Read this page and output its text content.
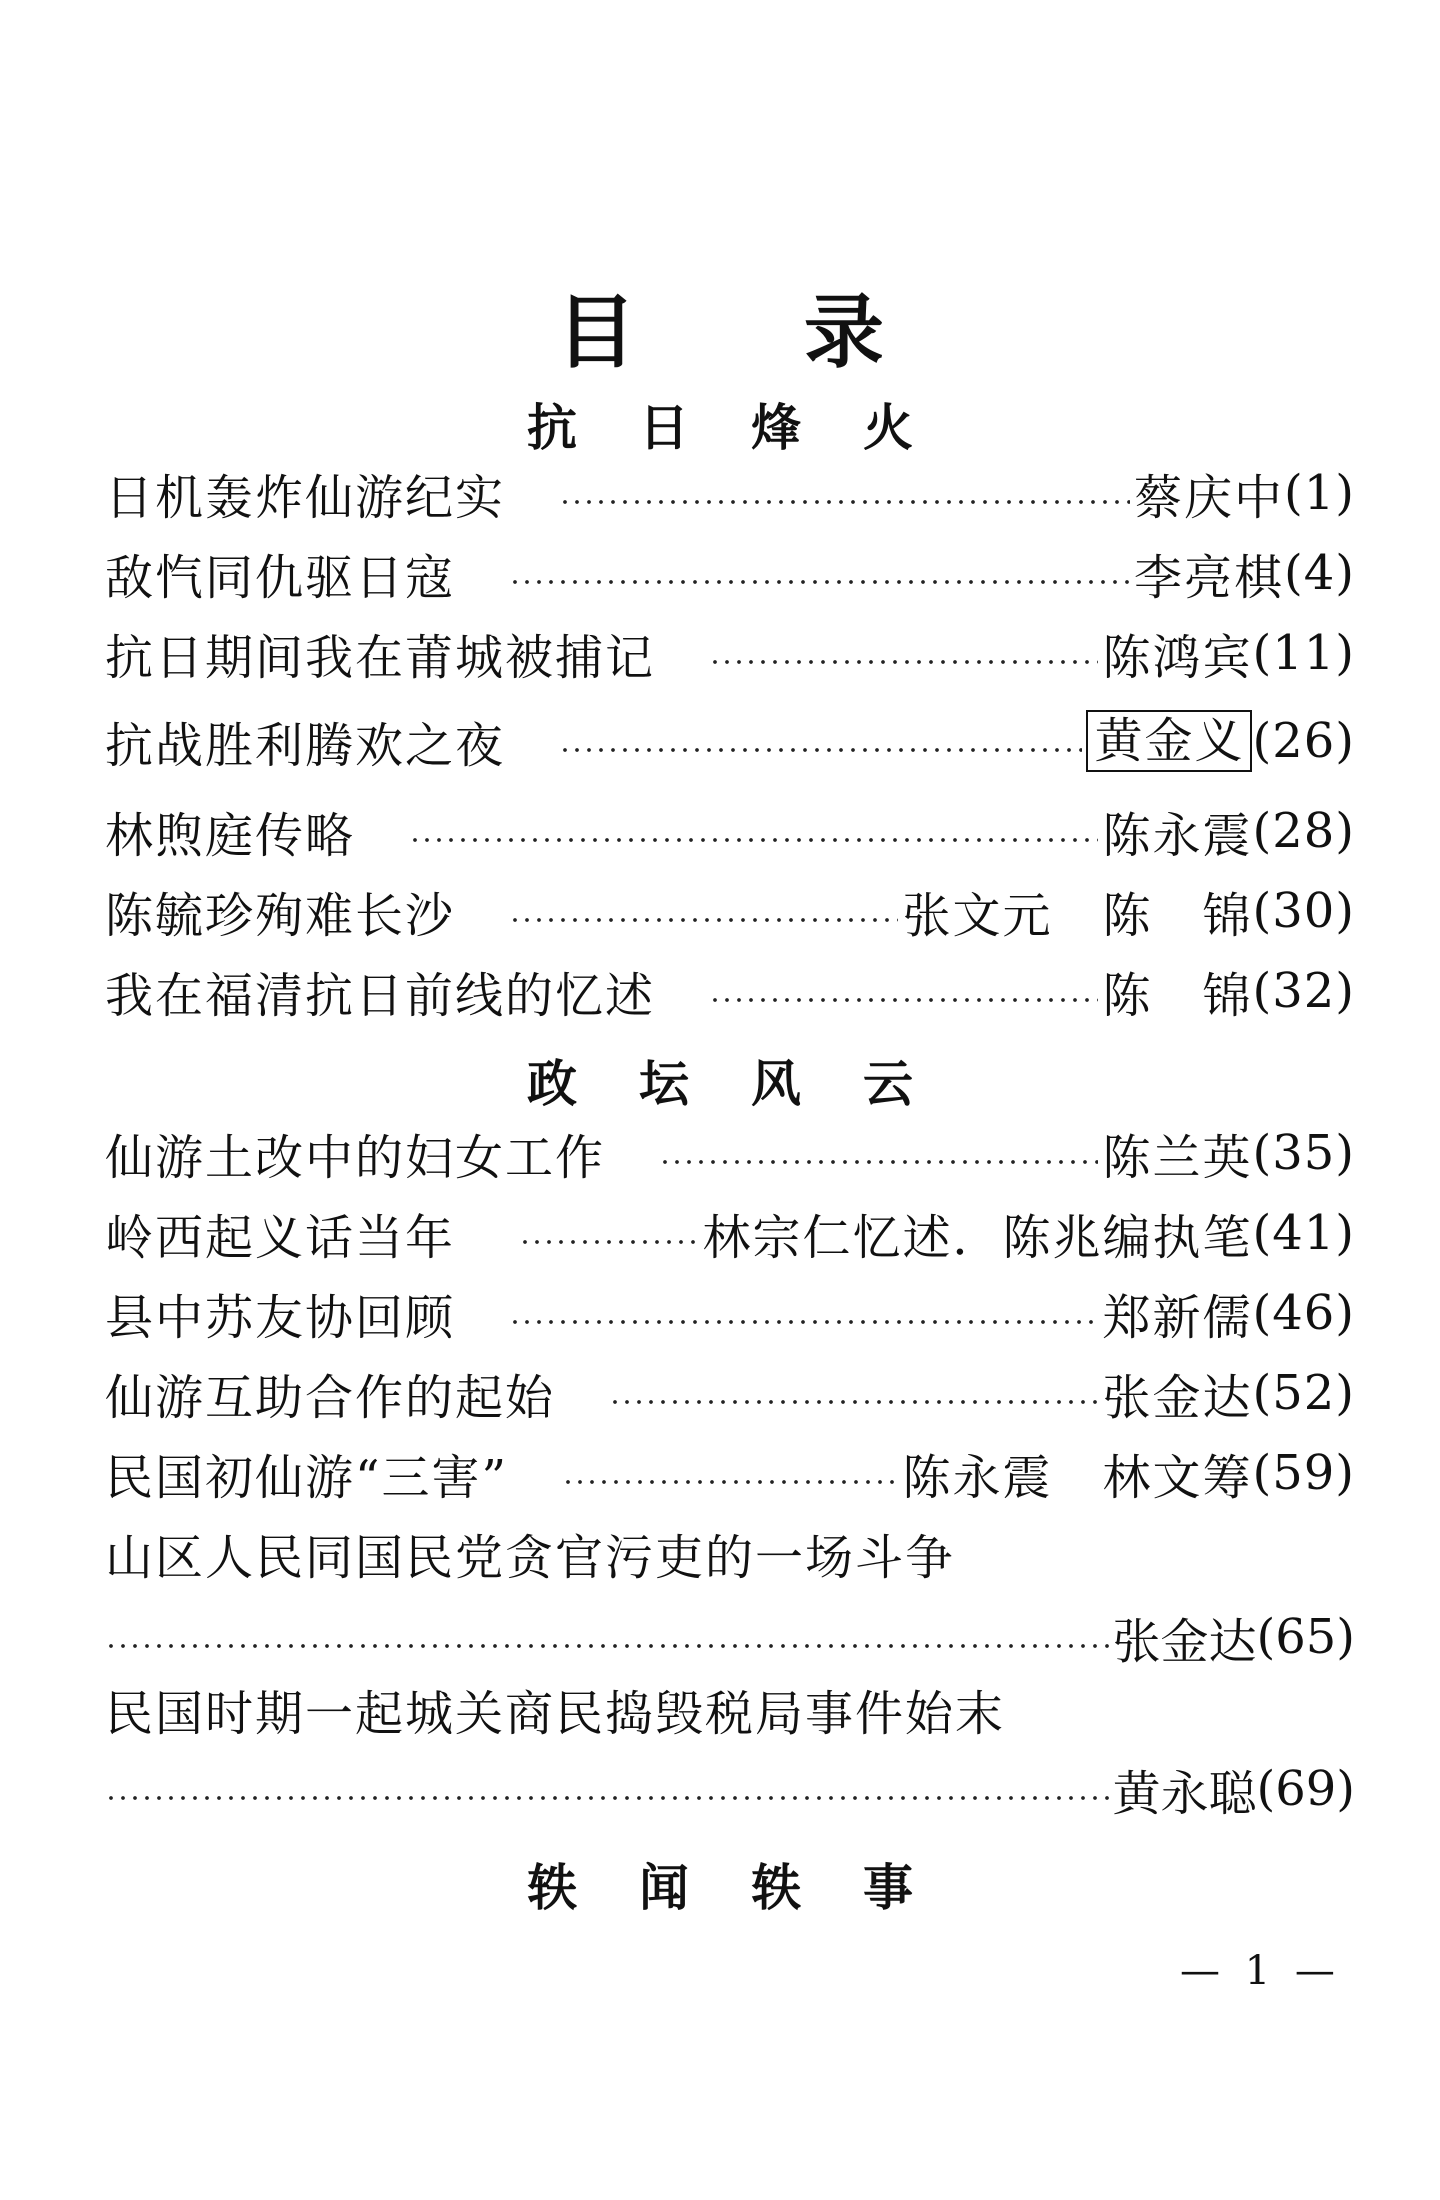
目 录
抗日烽火
日机轰炸仙游纪实	蔡庆中 (1)
敌忾同仇驱日寇	李亮棋 (4)
抗日期间我在莆城被捕记	陈鸿宾 (11)
抗战胜利腾欢之夜	黄金义 (26)
林煦庭传略	陈永震 (28)
陈毓珍殉难长沙	张文元　陈　锦 (30)
我在福清抗日前线的忆述	陈　锦 (32)
政坛风云
仙游土改中的妇女工作	陈兰英 (35)
岭西起义话当年	林宗仁忆述．陈兆编执笔 (41)
县中苏友协回顾	郑新儒 (46)
仙游互助合作的起始	张金达 (52)
民国初仙游“三害”	陈永震　林文筹 (59)
山区人民同国民党贪官污吏的一场斗争
张金达 (65)
民国时期一起城关商民捣毁税局事件始末
黄永聪 (69)
轶闻轶事
— 1 —
